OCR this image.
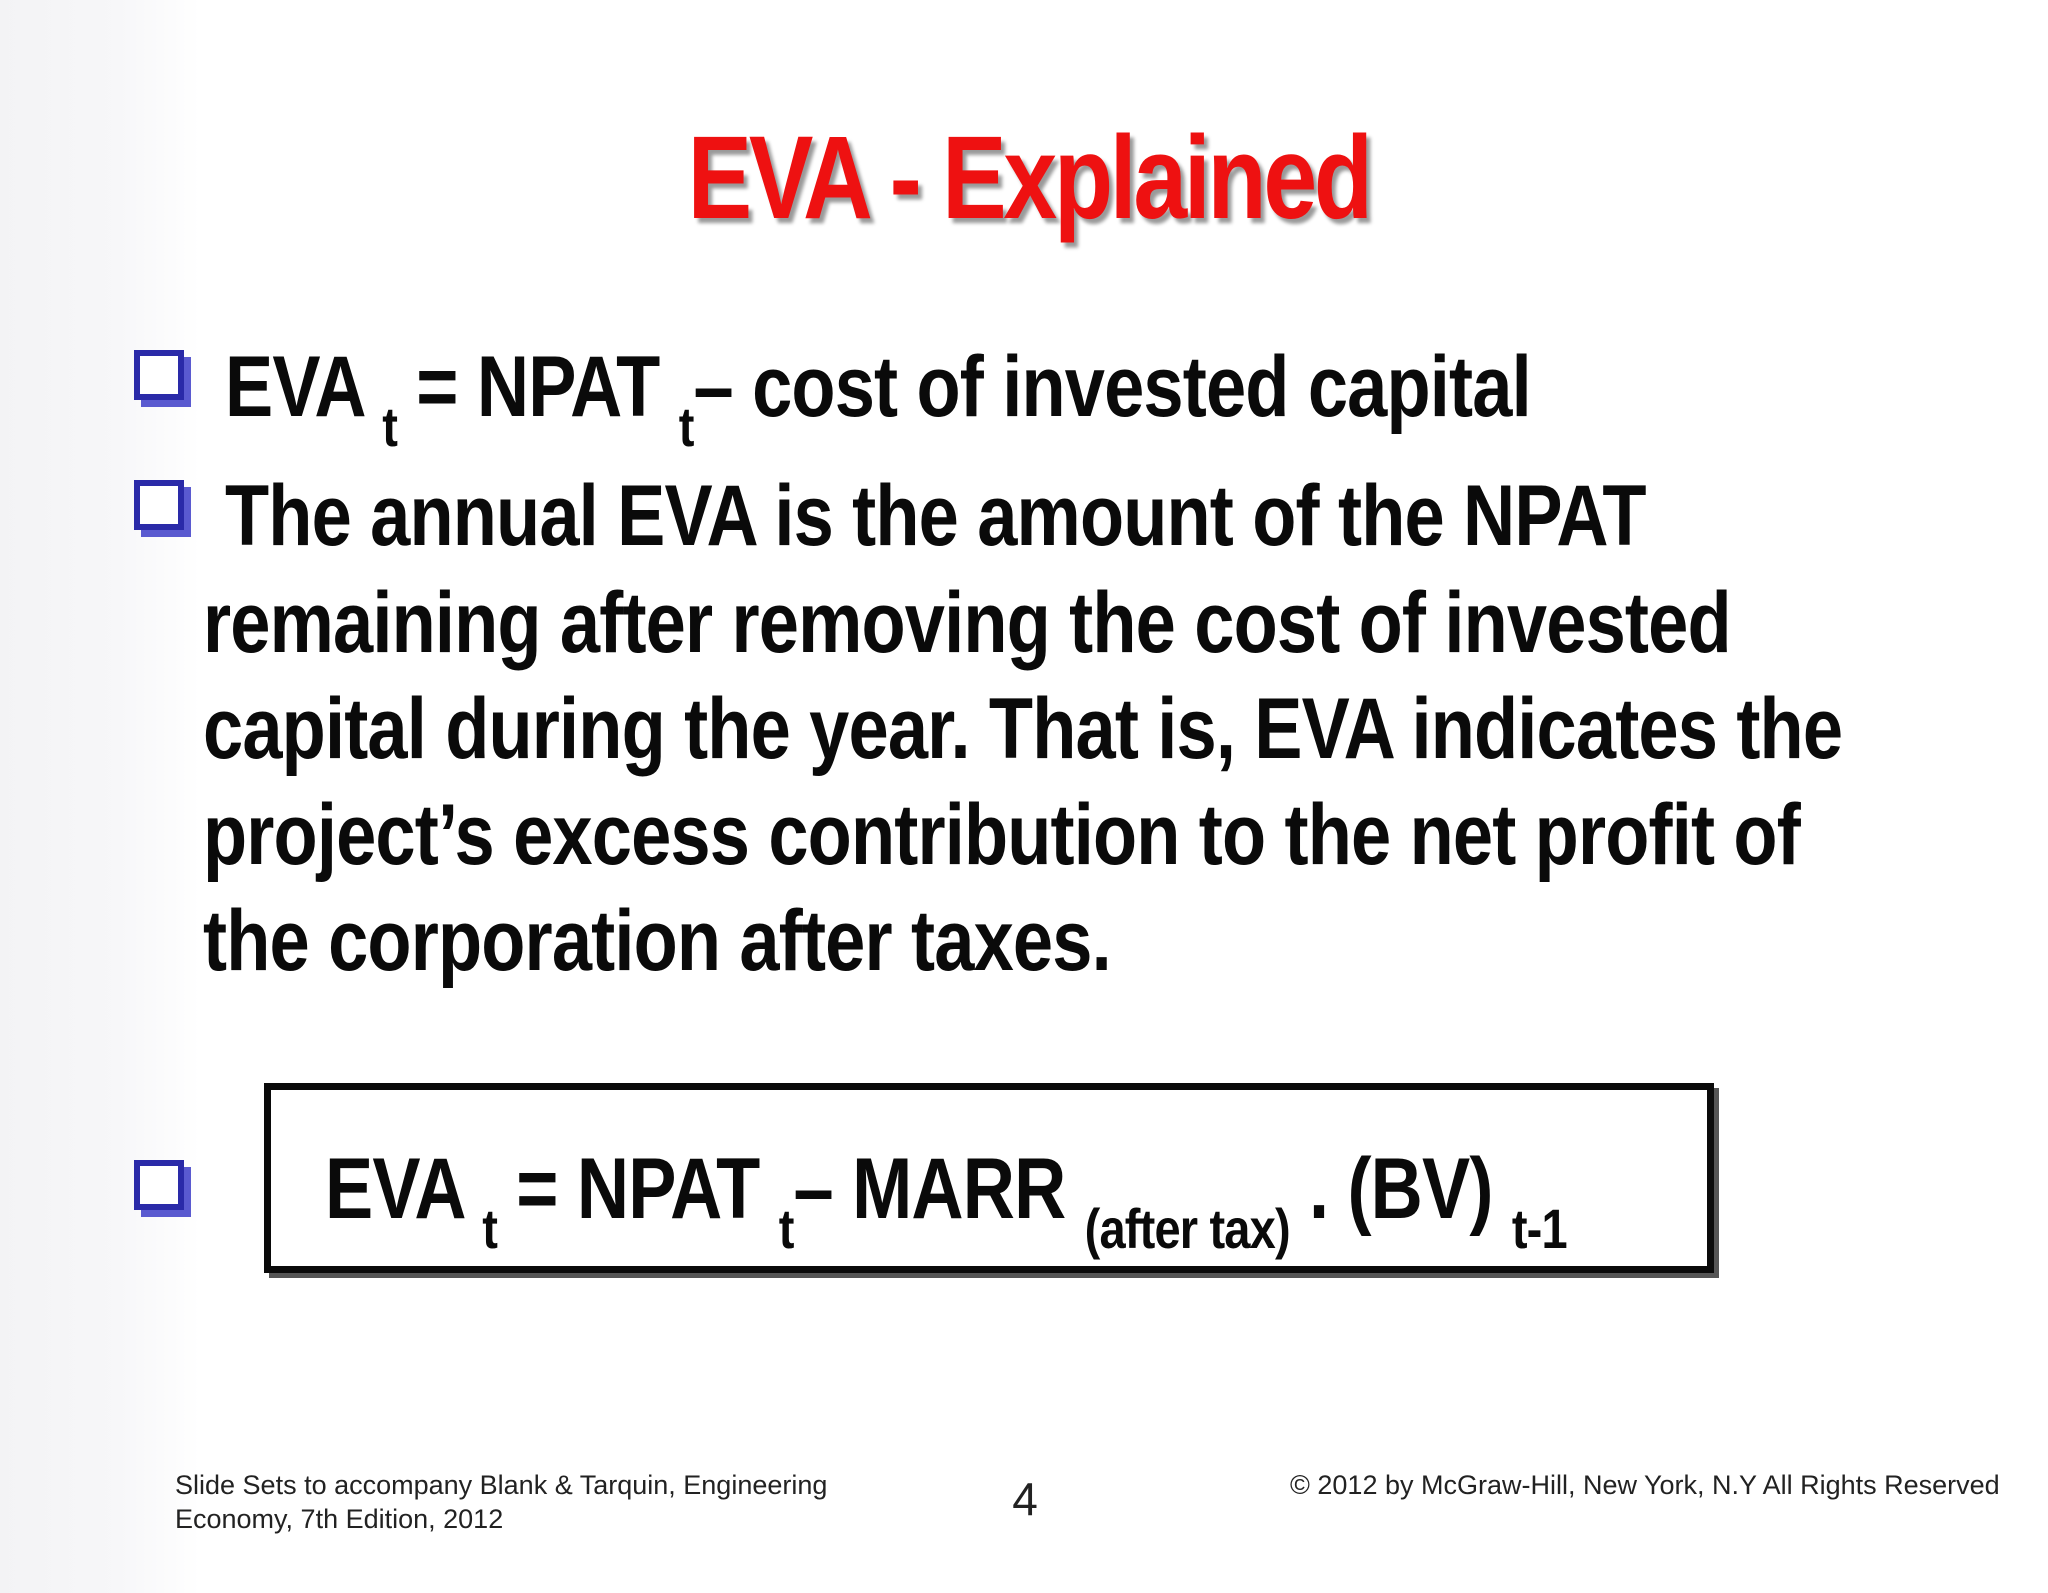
EVA - Explained
EVA $_t$ = NPAT $_t$– cost of invested capital
The annual EVA is the amount of the NPAT
remaining after removing the cost of invested
capital during the year. That is, EVA indicates the
project’s excess contribution to the net profit of
the corporation after taxes.
EVA $_t$ = NPAT $_t$– MARR $_{(after tax)}$ . (BV) $_{t-1}$
Slide Sets to accompany Blank & Tarquin, Engineering
Economy, 7th Edition, 2012	4	© 2012 by McGraw-Hill, New York, N.Y All Rights Reserved
